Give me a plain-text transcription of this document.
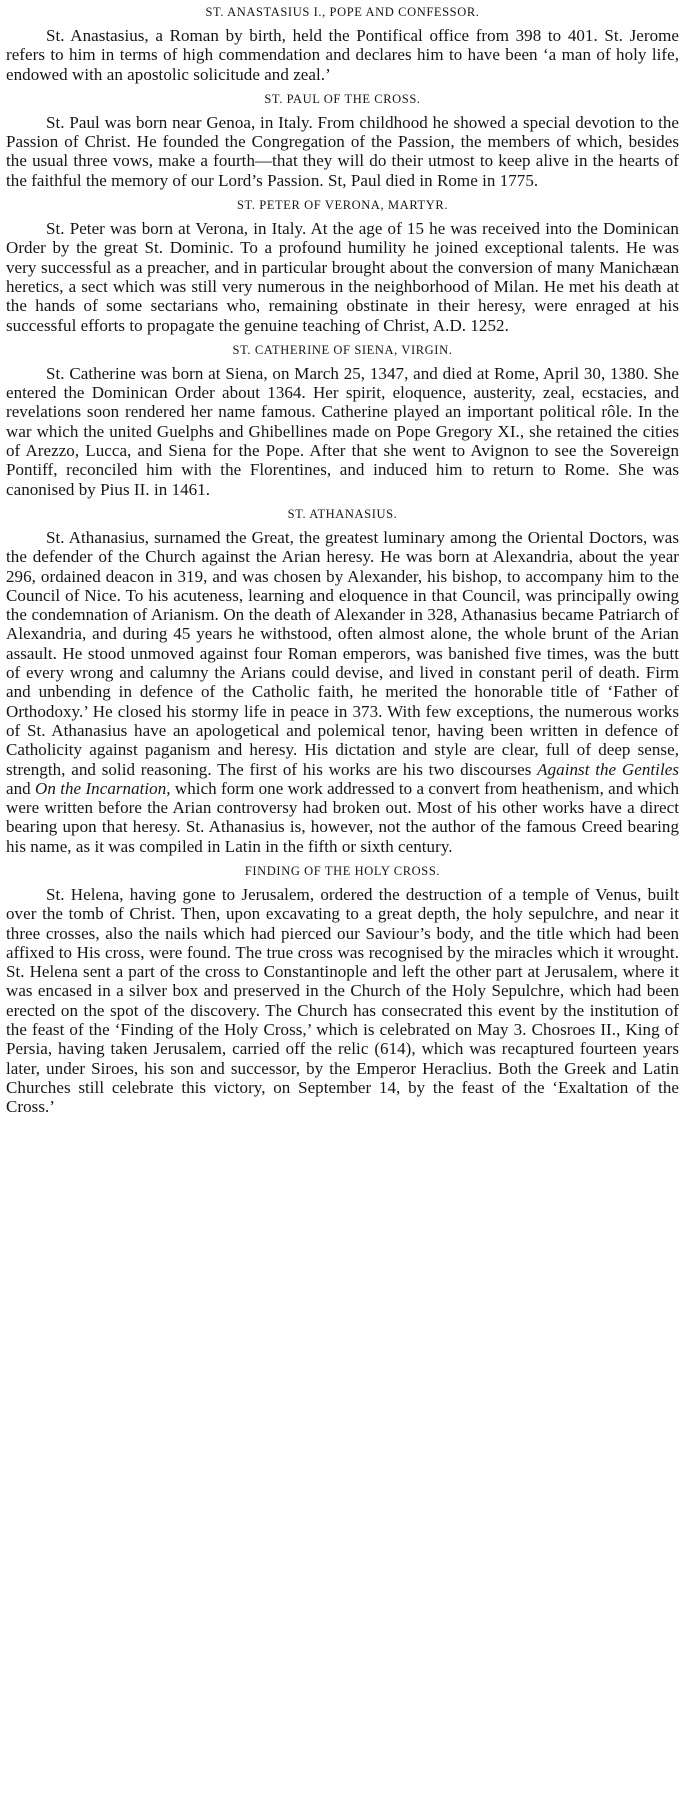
ST. ANASTASIUS I., POPE AND CONFESSOR.

St. Anastasius, a Roman by birth, held the Pontifical office from 398 to 401. St. Jerome refers to him in terms of high commendation and declares him to have been ‘a man of holy life, endowed with an apostolic solicitude and zeal.’

ST. PAUL OF THE CROSS.

St. Paul was born near Genoa, in Italy. From childhood he showed a special devotion to the Passion of Christ. He founded the Congregation of the Passion, the members of which, besides the usual three vows, make a fourth—that they will do their utmost to keep alive in the hearts of the faithful the memory of our Lord’s Passion. St, Paul died in Rome in 1775.

ST. PETER OF VERONA, MARTYR.

St. Peter was born at Verona, in Italy. At the age of 15 he was received into the Dominican Order by the great St. Dominic. To a profound humility he joined exceptional talents. He was very successful as a preacher, and in particular brought about the conversion of many Manichæan heretics, a sect which was still very numerous in the neighborhood of Milan. He met his death at the hands of some sectarians who, remaining obstinate in their heresy, were enraged at his successful efforts to propagate the genuine teaching of Christ, A.D. 1252.

ST. CATHERINE OF SIENA, VIRGIN.

St. Catherine was born at Siena, on March 25, 1347, and died at Rome, April 30, 1380. She entered the Dominican Order about 1364. Her spirit, eloquence, austerity, zeal, ecstacies, and revelations soon rendered her name famous. Catherine played an important political rôle. In the war which the united Guelphs and Ghibellines made on Pope Gregory XI., she retained the cities of Arezzo, Lucca, and Siena for the Pope. After that she went to Avignon to see the Sovereign Pontiff, reconciled him with the Florentines, and induced him to return to Rome. She was canonised by Pius II. in 1461.

ST. ATHANASIUS.

St. Athanasius, surnamed the Great, the greatest luminary among the Oriental Doctors, was the defender of the Church against the Arian heresy. He was born at Alexandria, about the year 296, ordained deacon in 319, and was chosen by Alexander, his bishop, to accompany him to the Council of Nice. To his acuteness, learning and eloquence in that Council, was principally owing the condemnation of Arianism. On the death of Alexander in 328, Athanasius became Patriarch of Alexandria, and during 45 years he withstood, often almost alone, the whole brunt of the Arian assault. He stood unmoved against four Roman emperors, was banished five times, was the butt of every wrong and calumny the Arians could devise, and lived in constant peril of death. Firm and unbending in defence of the Catholic faith, he merited the honorable title of ‘Father of Orthodoxy.’ He closed his stormy life in peace in 373. With few exceptions, the numerous works of St. Athanasius have an apologetical and polemical tenor, having been written in defence of Catholicity against paganism and heresy. His dictation and style are clear, full of deep sense, strength, and solid reasoning. The first of his works are his two discourses Against the Gentiles and On the Incarnation, which form one work addressed to a convert from heathenism, and which were written before the Arian controversy had broken out. Most of his other works have a direct bearing upon that heresy. St. Athanasius is, however, not the author of the famous Creed bearing his name, as it was compiled in Latin in the fifth or sixth century.

FINDING OF THE HOLY CROSS.

St. Helena, having gone to Jerusalem, ordered the destruction of a temple of Venus, built over the tomb of Christ. Then, upon excavating to a great depth, the holy sepulchre, and near it three crosses, also the nails which had pierced our Saviour’s body, and the title which had been affixed to His cross, were found. The true cross was recognised by the miracles which it wrought. St. Helena sent a part of the cross to Constantinople and left the other part at Jerusalem, where it was encased in a silver box and preserved in the Church of the Holy Sepulchre, which had been erected on the spot of the discovery. The Church has consecrated this event by the institution of the feast of the ‘Finding of the Holy Cross,’ which is celebrated on May 3. Chosroes II., King of Persia, having taken Jerusalem, carried off the relic (614), which was recaptured fourteen years later, under Siroes, his son and successor, by the Emperor Heraclius. Both the Greek and Latin Churches still celebrate this victory, on September 14, by the feast of the ‘Exaltation of the Cross.’
